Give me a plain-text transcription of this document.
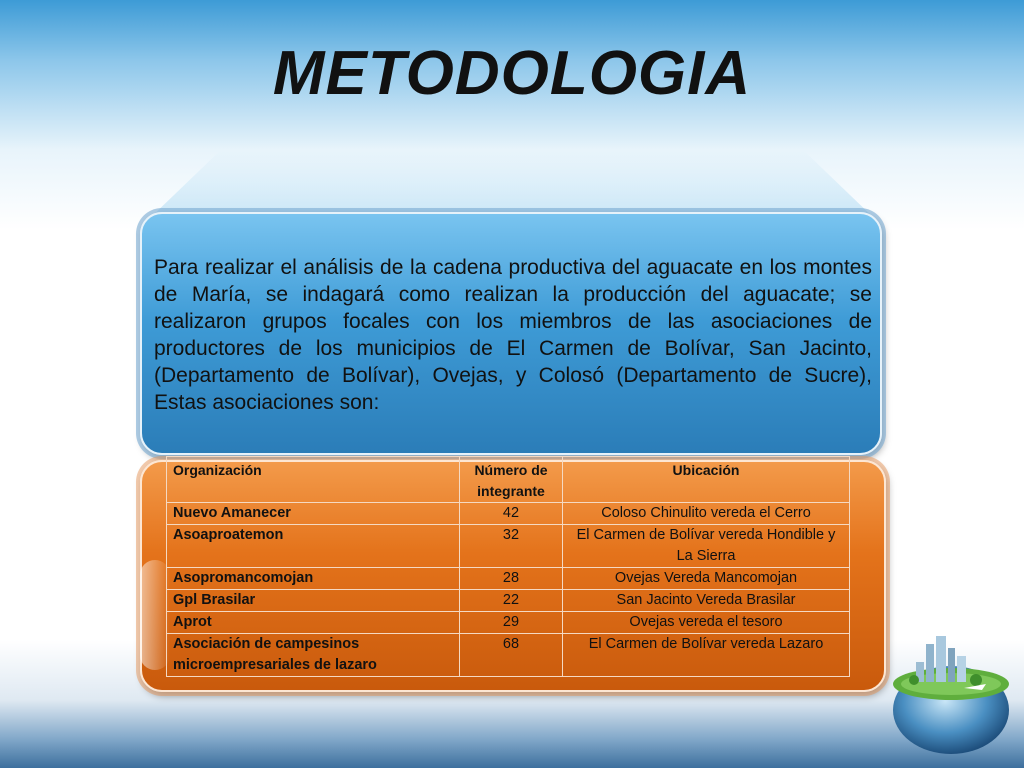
METODOLOGIA
Para realizar el análisis de la cadena productiva del aguacate en los montes de María, se indagará como realizan la producción del aguacate; se realizaron grupos focales con los miembros de las asociaciones de productores de los municipios de El Carmen de Bolívar, San Jacinto, (Departamento de Bolívar), Ovejas, y Colosó (Departamento de Sucre), Estas asociaciones son:
Organización	Número de integrante	Ubicación
Nuevo Amanecer	42	Coloso Chinulito vereda el Cerro
Asoaproatemon	32	El Carmen de Bolívar vereda Hondible y La Sierra
Asopromancomojan	28	Ovejas Vereda Mancomojan
Gpl Brasilar	22	San Jacinto Vereda Brasilar
Aprot	29	Ovejas vereda el tesoro
Asociación de campesinos microempresariales de lazaro	68	El Carmen de Bolívar vereda Lazaro
